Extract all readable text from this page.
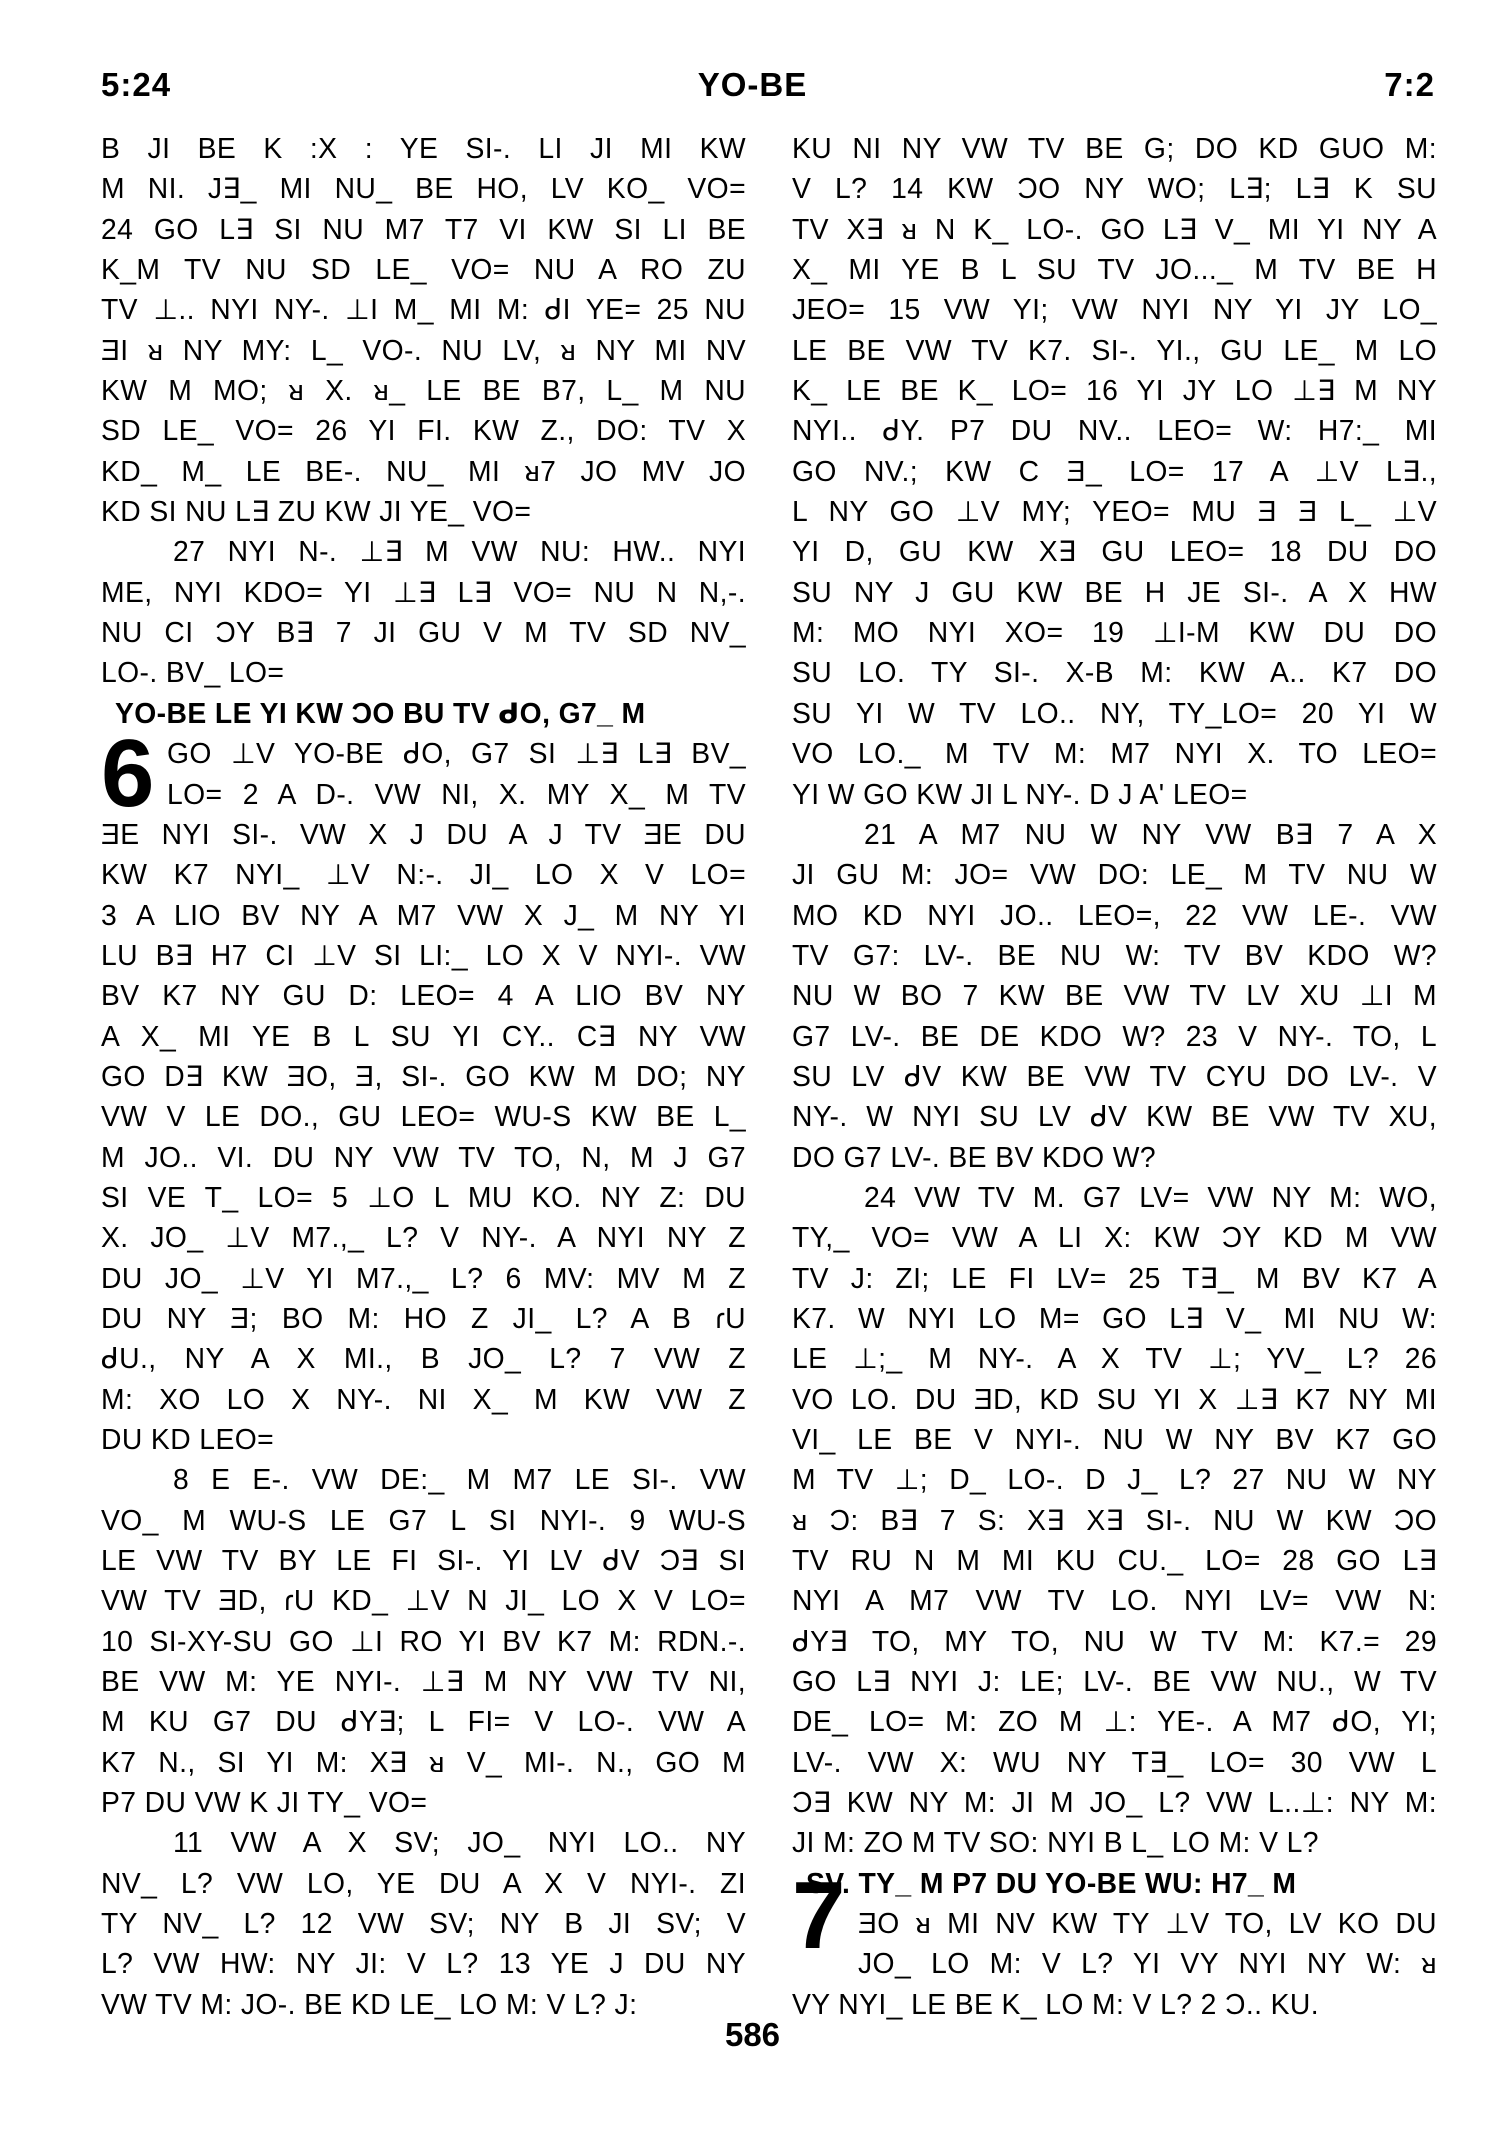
5:24	YO-BE	7:2
6
7
B JI BE K :X : YE SI-. LI JI MI KW
M NI. J∃_ MI NU_ BE HO, LV KO_ VO=
24 GO L∃ SI NU M7 T7 VI KW SI LI BE
K_M TV NU SD LE_ VO= NU A RO ZU
TV ⊥.. NYI NY-. ⊥I M_ MI M: ᑯI YE= 25 NU
ƎI ᴚ NY MY: L_ VO-. NU LV, ᴚ NY MI NV
KW M MO; ᴚ X. ᴚ_ LE BE B7, L_ M NU
SD LE_ VO= 26 YI FI. KW Z., DO: TV X
KD_ M_ LE BE-. NU_ MI ᴚ7 JO MV JO
KD SI NU L∃ ZU KW JI YE_ VO=
27 NYI N-. ⊥∃ M VW NU: HW.. NYI
ME, NYI KDO= YI ⊥∃ L∃ VO= NU N N,-.
NU CI ƆY B∃ 7 JI GU V M TV SD NV_
LO-. BV_ LO=
YO-BE LE YI KW ƆO BU TV ᑯO, G7_ M
GO ⊥V YO-BE ᑯO, G7 SI ⊥∃ L∃ BV_
LO= 2 A D-. VW NI, X. MY X_ M TV
ƎE NYI SI-. VW X J DU A J TV ƎE DU
KW K7 NYI_ ⊥V N:-. JI_ LO X V LO=
3 A LIO BV NY A M7 VW X J_ M NY YI
LU B∃ H7 CI ⊥V SI LI:_ LO X V NYI-. VW
BV K7 NY GU D: LEO= 4 A LIO BV NY
A X_ MI YE B L SU YI CY.. C∃ NY VW
GO D∃ KW ƎO, Ǝ, SI-. GO KW M DO; NY
VW V LE DO., GU LEO= WU-S KW BE L_
M JO.. VI. DU NY VW TV TO, N, M J G7
SI VE T_ LO= 5 ⊥O L MU KO. NY Z: DU
X. JO_ ⊥V M7.,_ L? V NY-. A NYI NY Z
DU JO_ ⊥V YI M7.,_ L? 6 MV: MV M Z
DU NY Ǝ; BO M: HO Z JI_ L? A B ɾU
ᑯU., NY A X MI., B JO_ L? 7 VW Z
M: XO LO X NY-. NI X_ M KW VW Z
DU KD LEO=
8 E E-. VW DE:_ M M7 LE SI-. VW
VO_ M WU-S LE G7 L SI NYI-. 9 WU-S
LE VW TV BY LE FI SI-. YI LV ᑯV Ɔ∃ SI
VW TV ƎD, ɾU KD_ ⊥V N JI_ LO X V LO=
10 SI-XY-SU GO ⊥I RO YI BV K7 M: RDN.-.
BE VW M: YE NYI-. ⊥∃ M NY VW TV NI,
M KU G7 DU ᑯY∃; L FI= V LO-. VW A
K7 N., SI YI M: X∃ ᴚ V_ MI-. N., GO M
P7 DU VW K JI TY_ VO=
11 VW A X SV; JO_ NYI LO.. NY
NV_ L? VW LO, YE DU A X V NYI-. ZI
TY NV_ L? 12 VW SV; NY B JI SV; V
L? VW HW: NY JI: V L? 13 YE J DU NY
VW TV M: JO-. BE KD LE_ LO M: V L? J:
KU NI NY VW TV BE G; DO KD GUO M:
V L? 14 KW ƆO NY WO; L∃; L∃ K SU
TV X∃ ᴚ N K_ LO-. GO L∃ V_ MI YI NY A
X_ MI YE B L SU TV JO..._ M TV BE H
JEO= 15 VW YI; VW NYI NY YI JY LO_
LE BE VW TV K7. SI-. YI., GU LE_ M LO
K_ LE BE K_ LO= 16 YI JY LO ⊥∃ M NY
NYI.. ᑯY. P7 DU NV.. LEO= W: H7:_ MI
GO NV.; KW C Ǝ_ LO= 17 A ⊥V L∃.,
L NY GO ⊥V MY; YEO= MU Ǝ Ǝ L_ ⊥V
YI D, GU KW X∃ GU LEO= 18 DU DO
SU NY J GU KW BE H JE SI-. A X HW
M: MO NYI XO= 19 ⊥I-M KW DU DO
SU LO. TY SI-. X-B M: KW A.. K7 DO
SU YI W TV LO.. NY, TY_LO= 20 YI W
VO LO._ M TV M: M7 NYI X. TO LEO=
YI W GO KW JI L NY-. D J A' LEO=
21 A M7 NU W NY VW B∃ 7 A X
JI GU M: JO= VW DO: LE_ M TV NU W
MO KD NYI JO.. LEO=, 22 VW LE-. VW
TV G7: LV-. BE NU W: TV BV KDO W?
NU W BO 7 KW BE VW TV LV XU ⊥I M
G7 LV-. BE DE KDO W? 23 V NY-. TO, L
SU LV ᑯV KW BE VW TV CYU DO LV-. V
NY-. W NYI SU LV ᑯV KW BE VW TV XU,
DO G7 LV-. BE BV KDO W?
24 VW TV M. G7 LV= VW NY M: WO,
TY,_ VO= VW A LI X: KW ƆY KD M VW
TV J: ZI; LE FI LV= 25 T∃_ M BV K7 A
K7. W NYI LO M= GO L∃ V_ MI NU W:
LE ⊥;_ M NY-. A X TV ⊥; YV_ L? 26
VO LO. DU ƎD, KD SU YI X ⊥∃ K7 NY MI
VI_ LE BE V NYI-. NU W NY BV K7 GO
M TV ⊥; D_ LO-. D J_ L? 27 NU W NY
ᴚ Ɔ: B∃ 7 S: X∃ X∃ SI-. NU W KW ƆO
TV RU N M MI KU CU._ LO= 28 GO L∃
NYI A M7 VW TV LO. NYI LV= VW N:
ᑯY∃ TO, MY TO, NU W TV M: K7.= 29
GO L∃ NYI J: LE; LV-. BE VW NU., W TV
DE_ LO= M: ZO M ⊥: YE-. A M7 ᑯO, YI;
LV-. VW X: WU NY T∃_ LO= 30 VW L
Ɔ∃ KW NY M: JI M JO_ L? VW L..⊥: NY M:
JI M: ZO M TV SO: NYI B L_ LO M: V L?
SV. TY_ M P7 DU YO-BE WU: H7_ M
ƎO ᴚ MI NV KW TY ⊥V TO, LV KO DU
JO_ LO M: V L? YI VY NYI NY W: ᴚ
VY NYI_ LE BE K_ LO M: V L? 2 Ɔ.. KU.
586
